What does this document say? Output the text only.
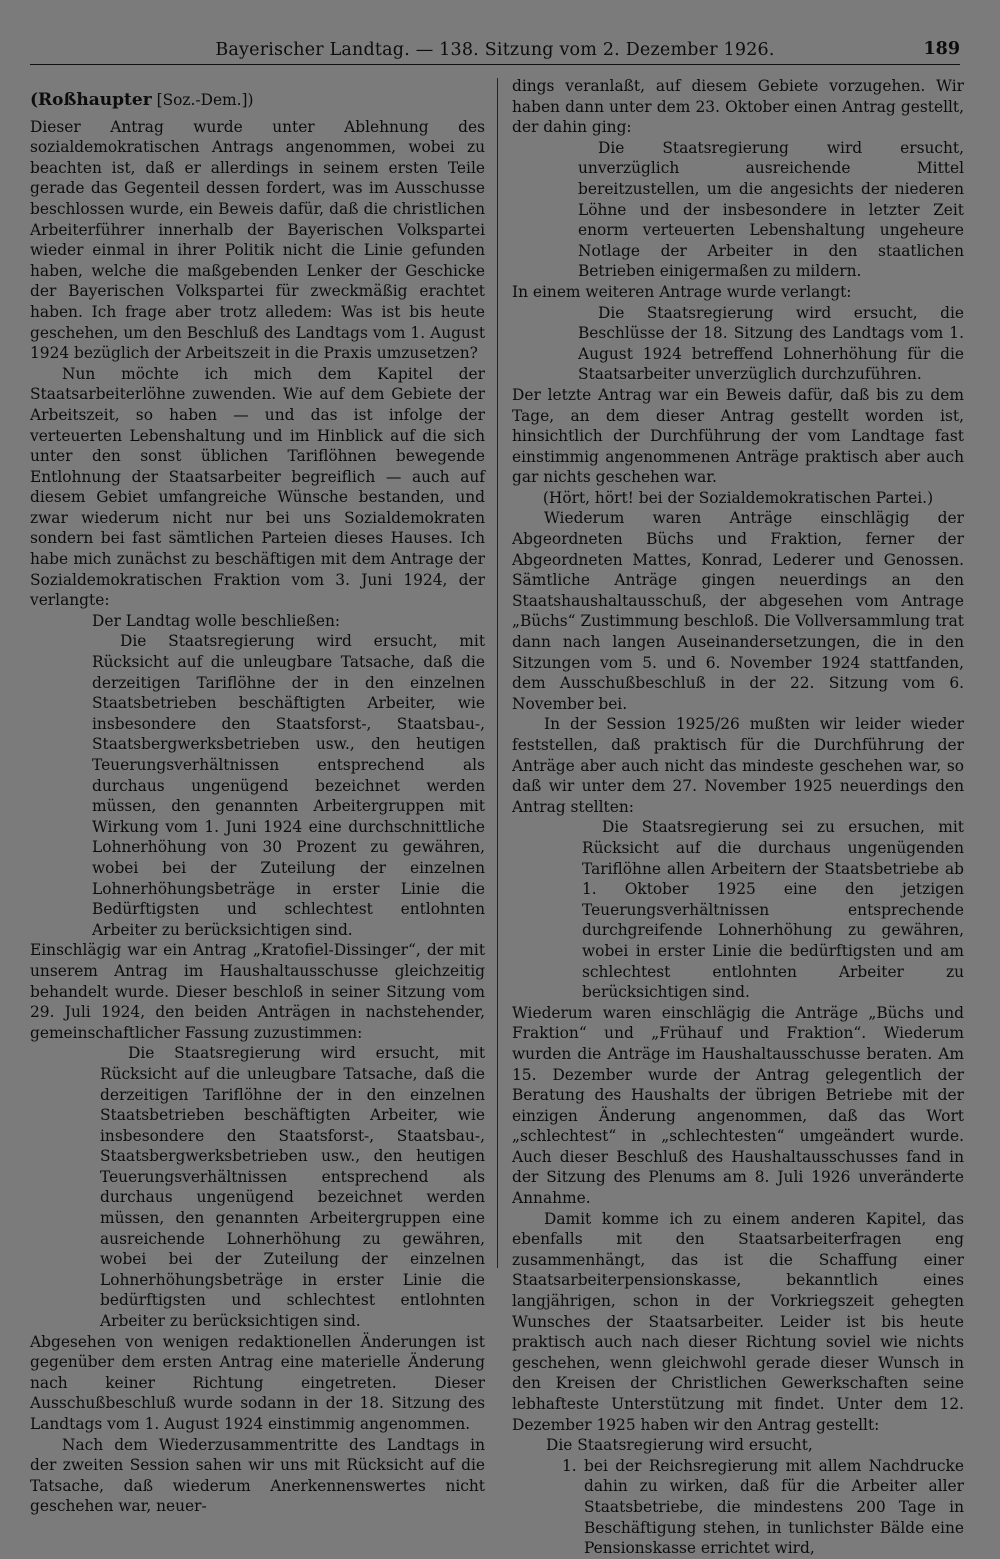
Bayerischer Landtag. — 138. Sitzung vom 2. Dezember 1926.	189
(Roßhaupter [Soz.-Dem.])

Dieser Antrag wurde unter Ablehnung des sozialdemokratischen Antrags angenommen, wobei zu beachten ist, daß er allerdings in seinem ersten Teile gerade das Gegenteil dessen fordert, was im Ausschusse beschlossen wurde, ein Beweis dafür, daß die christlichen Arbeiterführer innerhalb der Bayerischen Volkspartei wieder einmal in ihrer Politik nicht die Linie gefunden haben, welche die maßgebenden Lenker der Geschicke der Bayerischen Volkspartei für zweckmäßig erachtet haben. Ich frage aber trotz alledem: Was ist bis heute geschehen, um den Beschluß des Landtags vom 1. August 1924 bezüglich der Arbeitszeit in die Praxis umzusetzen?

Nun möchte ich mich dem Kapitel der Staatsarbeiterlöhne zuwenden. Wie auf dem Gebiete der Arbeitszeit, so haben — und das ist infolge der verteuerten Lebenshaltung und im Hinblick auf die sich unter den sonst üblichen Tariflöhnen bewegende Entlohnung der Staatsarbeiter begreiflich — auch auf diesem Gebiet umfangreiche Wünsche bestanden, und zwar wiederum nicht nur bei uns Sozialdemokraten sondern bei fast sämtlichen Parteien dieses Hauses. Ich habe mich zunächst zu beschäftigen mit dem Antrage der Sozialdemokratischen Fraktion vom 3. Juni 1924, der verlangte:

Der Landtag wolle beschließen:

Die Staatsregierung wird ersucht, mit Rücksicht auf die unleugbare Tatsache, daß die derzeitigen Tariflöhne der in den einzelnen Staatsbetrieben beschäftigten Arbeiter, wie insbesondere den Staatsforst-, Staatsbau-, Staatsbergwerksbetrieben usw., den heutigen Teuerungsverhältnissen entsprechend als durchaus ungenügend bezeichnet werden müssen, den genannten Arbeitergruppen mit Wirkung vom 1. Juni 1924 eine durchschnittliche Lohnerhöhung von 30 Prozent zu gewähren, wobei bei der Zuteilung der einzelnen Lohnerhöhungsbeträge in erster Linie die Bedürftigsten und schlechtest entlohnten Arbeiter zu berücksichtigen sind.

Einschlägig war ein Antrag „Kratofiel-Dissinger“, der mit unserem Antrag im Haushaltausschusse gleichzeitig behandelt wurde. Dieser beschloß in seiner Sitzung vom 29. Juli 1924, den beiden Anträgen in nachstehender, gemeinschaftlicher Fassung zuzustimmen:

Die Staatsregierung wird ersucht, mit Rücksicht auf die unleugbare Tatsache, daß die derzeitigen Tariflöhne der in den einzelnen Staatsbetrieben beschäftigten Arbeiter, wie insbesondere den Staatsforst-, Staatsbau-, Staatsbergwerksbetrieben usw., den heutigen Teuerungsverhältnissen entsprechend als durchaus ungenügend bezeichnet werden müssen, den genannten Arbeitergruppen eine ausreichende Lohnerhöhung zu gewähren, wobei bei der Zuteilung der einzelnen Lohnerhöhungsbeträge in erster Linie die bedürftigsten und schlechtest entlohnten Arbeiter zu berücksichtigen sind.

Abgesehen von wenigen redaktionellen Änderungen ist gegenüber dem ersten Antrag eine materielle Änderung nach keiner Richtung eingetreten. Dieser Ausschußbeschluß wurde sodann in der 18. Sitzung des Landtags vom 1. August 1924 einstimmig angenommen.

Nach dem Wiederzusammentritte des Landtags in der zweiten Session sahen wir uns mit Rücksicht auf die Tatsache, daß wiederum Anerkennenswertes nicht geschehen war, neuer-

dings veranlaßt, auf diesem Gebiete vorzugehen. Wir haben dann unter dem 23. Oktober einen Antrag gestellt, der dahin ging:

Die Staatsregierung wird ersucht, unverzüglich ausreichende Mittel bereitzustellen, um die angesichts der niederen Löhne und der insbesondere in letzter Zeit enorm verteuerten Lebenshaltung ungeheure Notlage der Arbeiter in den staatlichen Betrieben einigermaßen zu mildern.

In einem weiteren Antrage wurde verlangt:

Die Staatsregierung wird ersucht, die Beschlüsse der 18. Sitzung des Landtags vom 1. August 1924 betreffend Lohnerhöhung für die Staatsarbeiter unverzüglich durchzuführen.

Der letzte Antrag war ein Beweis dafür, daß bis zu dem Tage, an dem dieser Antrag gestellt worden ist, hinsichtlich der Durchführung der vom Landtage fast einstimmig angenommenen Anträge praktisch aber auch gar nichts geschehen war.

(Hört, hört! bei der Sozialdemokratischen Partei.)

Wiederum waren Anträge einschlägig der Abgeordneten Büchs und Fraktion, ferner der Abgeordneten Mattes, Konrad, Lederer und Genossen. Sämtliche Anträge gingen neuerdings an den Staatshaushaltausschuß, der abgesehen vom Antrage „Büchs“ Zustimmung beschloß. Die Vollversammlung trat dann nach langen Auseinandersetzungen, die in den Sitzungen vom 5. und 6. November 1924 stattfanden, dem Ausschußbeschluß in der 22. Sitzung vom 6. November bei.

In der Session 1925/26 mußten wir leider wieder feststellen, daß praktisch für die Durchführung der Anträge aber auch nicht das mindeste geschehen war, so daß wir unter dem 27. November 1925 neuerdings den Antrag stellten:

Die Staatsregierung sei zu ersuchen, mit Rücksicht auf die durchaus ungenügenden Tariflöhne allen Arbeitern der Staatsbetriebe ab 1. Oktober 1925 eine den jetzigen Teuerungsverhältnissen entsprechende durchgreifende Lohnerhöhung zu gewähren, wobei in erster Linie die bedürftigsten und am schlechtest entlohnten Arbeiter zu berücksichtigen sind.

Wiederum waren einschlägig die Anträge „Büchs und Fraktion“ und „Frühauf und Fraktion“. Wiederum wurden die Anträge im Haushaltausschusse beraten. Am 15. Dezember wurde der Antrag gelegentlich der Beratung des Haushalts der übrigen Betriebe mit der einzigen Änderung angenommen, daß das Wort „schlechtest“ in „schlechtesten“ umgeändert wurde. Auch dieser Beschluß des Haushaltausschusses fand in der Sitzung des Plenums am 8. Juli 1926 unveränderte Annahme.

Damit komme ich zu einem anderen Kapitel, das ebenfalls mit den Staatsarbeiterfragen eng zusammenhängt, das ist die Schaffung einer Staatsarbeiterpensionskasse, bekanntlich eines langjährigen, schon in der Vorkriegszeit gehegten Wunsches der Staatsarbeiter. Leider ist bis heute praktisch auch nach dieser Richtung soviel wie nichts geschehen, wenn gleichwohl gerade dieser Wunsch in den Kreisen der Christlichen Gewerkschaften seine lebhafteste Unterstützung mit findet. Unter dem 12. Dezember 1925 haben wir den Antrag gestellt:

Die Staatsregierung wird ersucht,

1. bei der Reichsregierung mit allem Nachdrucke dahin zu wirken, daß für die Arbeiter aller Staatsbetriebe, die mindestens 200 Tage in Beschäftigung stehen, in tunlichster Bälde eine Pensionskasse errichtet wird,
